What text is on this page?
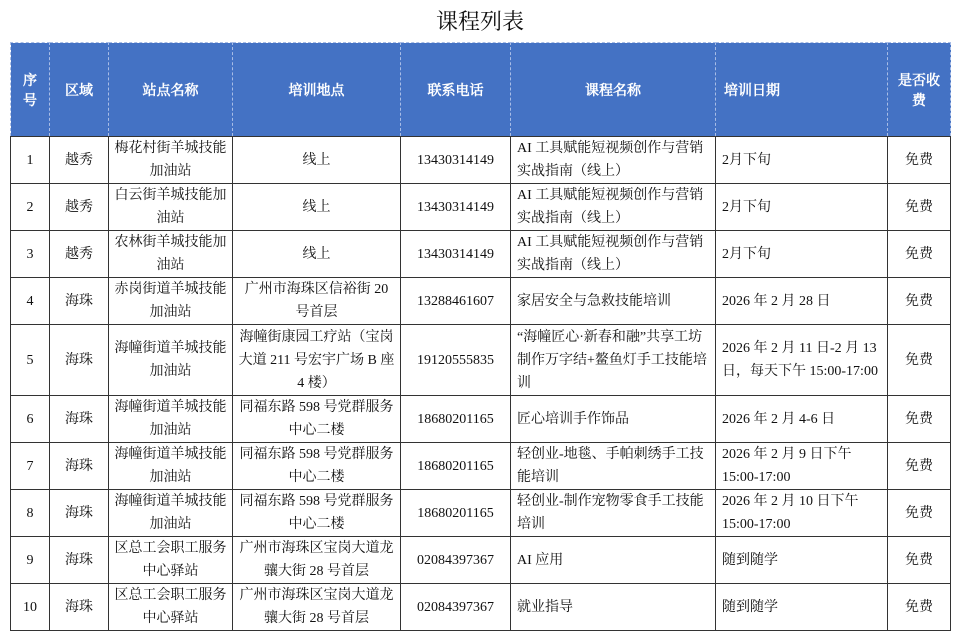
课程列表
序号	区域	站点名称	培训地点	联系电话	课程名称	培训日期	是否收费
1	越秀	梅花村街羊城技能加油站	线上	13430314149	AI 工具赋能短视频创作与营销实战指南（线上）	2月下旬	免费
2	越秀	白云街羊城技能加油站	线上	13430314149	AI 工具赋能短视频创作与营销实战指南（线上）	2月下旬	免费
3	越秀	农林街羊城技能加油站	线上	13430314149	AI 工具赋能短视频创作与营销实战指南（线上）	2月下旬	免费
4	海珠	赤岗街道羊城技能加油站	广州市海珠区信裕街 20 号首层	13288461607	家居安全与急救技能培训	2026 年 2 月 28 日	免费
5	海珠	海幢街道羊城技能加油站	海幢街康园工疗站（宝岗大道 211 号宏宇广场 B 座 4 楼）	19120555835	“海幢匠心·新春和融”共享工坊制作万字结+鳌鱼灯手工技能培训	2026 年 2 月 11 日-2 月 13 日，每天下午 15:00-17:00	免费
6	海珠	海幢街道羊城技能加油站	同福东路 598 号党群服务中心二楼	18680201165	匠心培训手作饰品	2026 年 2 月 4-6 日	免费
7	海珠	海幢街道羊城技能加油站	同福东路 598 号党群服务中心二楼	18680201165	轻创业-地毯、手帕刺绣手工技能培训	2026 年 2 月 9 日下午 15:00-17:00	免费
8	海珠	海幢街道羊城技能加油站	同福东路 598 号党群服务中心二楼	18680201165	轻创业-制作宠物零食手工技能培训	2026 年 2 月 10 日下午 15:00-17:00	免费
9	海珠	区总工会职工服务中心驿站	广州市海珠区宝岗大道龙骧大街 28 号首层	02084397367	AI 应用	随到随学	免费
10	海珠	区总工会职工服务中心驿站	广州市海珠区宝岗大道龙骧大街 28 号首层	02084397367	就业指导	随到随学	免费
